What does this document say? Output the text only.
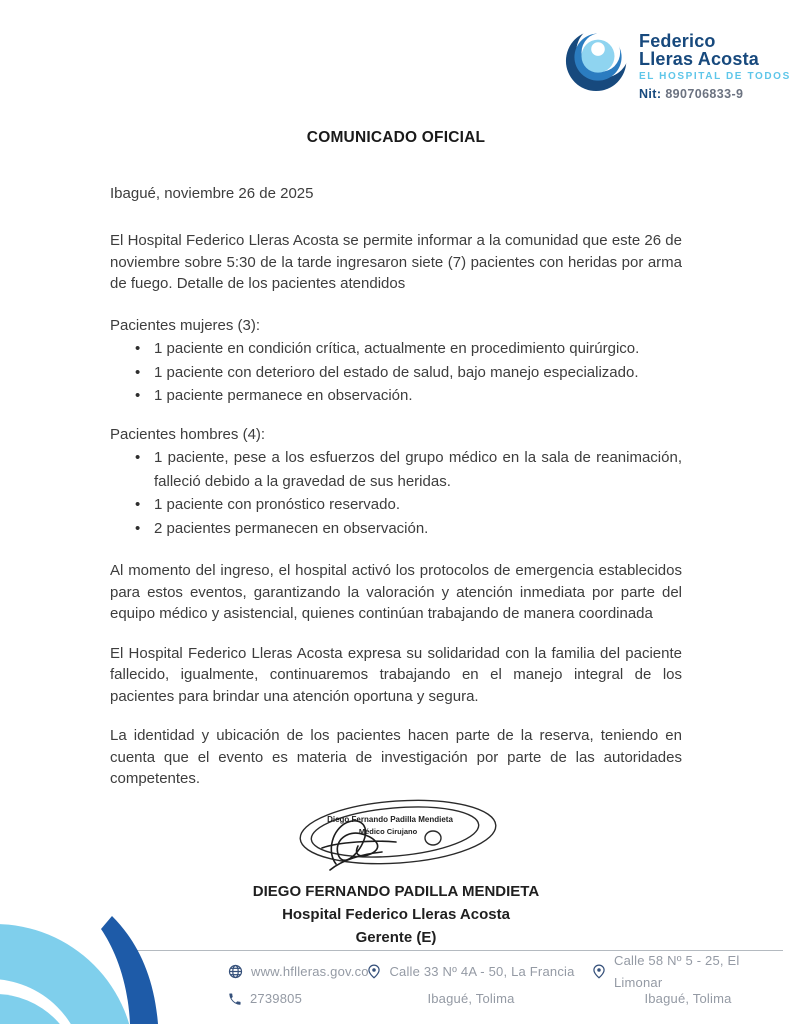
Federico
Lleras Acosta
EL HOSPITAL DE TODOS
Nit: 890706833-9
COMUNICADO OFICIAL
Ibagué, noviembre 26 de 2025
El Hospital Federico Lleras Acosta se permite informar a la comunidad que este 26 de noviembre sobre 5:30 de la tarde ingresaron siete (7) pacientes con heridas por arma de fuego. Detalle de los pacientes atendidos
Pacientes mujeres (3):
• 1 paciente en condición crítica, actualmente en procedimiento quirúrgico.
• 1 paciente con deterioro del estado de salud, bajo manejo especializado.
• 1 paciente permanece en observación.
Pacientes hombres (4):
• 1 paciente, pese a los esfuerzos del grupo médico en la sala de reanimación, falleció debido a la gravedad de sus heridas.
• 1 paciente con pronóstico reservado.
• 2 pacientes permanecen en observación.
Al momento del ingreso, el hospital activó los protocolos de emergencia establecidos para estos eventos, garantizando la valoración y atención inmediata por parte del equipo médico y asistencial, quienes continúan trabajando de manera coordinada
El Hospital Federico Lleras Acosta expresa su solidaridad con la familia del paciente fallecido, igualmente, continuaremos trabajando en el manejo integral de los pacientes para brindar una atención oportuna y segura.
La identidad y ubicación de los pacientes hacen parte de la reserva, teniendo en cuenta que el evento es materia de investigación por parte de las autoridades competentes.
Diego Fernando Padilla Mendieta
Médico Cirujano
DIEGO FERNANDO PADILLA MENDIETA
Hospital Federico Lleras Acosta
Gerente (E)
www.hflleras.gov.co
2739805
Calle 33 Nº 4A - 50, La Francia
Ibagué, Tolima
Calle 58 Nº 5 - 25, El Limonar
Ibagué, Tolima
